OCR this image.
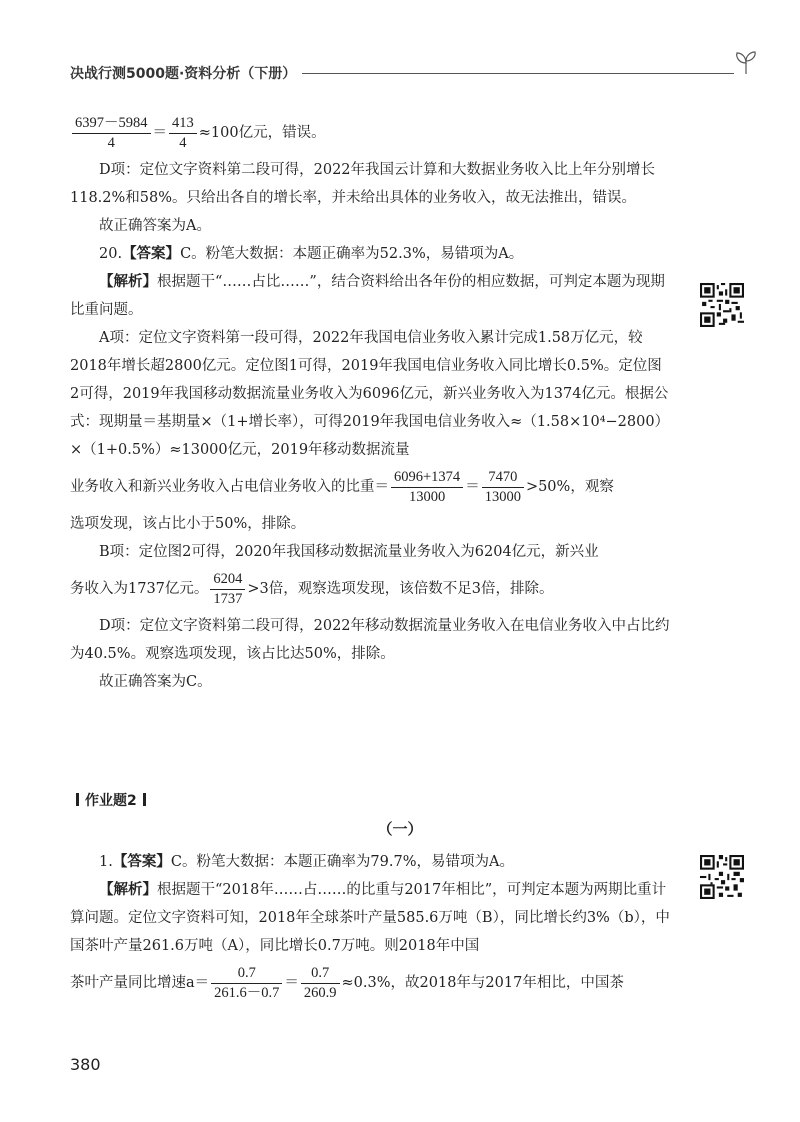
决战行测5000题·资料分析（下册）

$\frac{6397-5984}{4} = \frac{413}{4} \approx 100$亿元，错误。

D项：定位文字资料第二段可得，2022年我国云计算和大数据业务收入比上年分别增长118.2%和58%。只给出各自的增长率，并未给出具体的业务收入，故无法推出，错误。

故正确答案为A。

20.【答案】C。粉笔大数据：本题正确率为52.3%，易错项为A。

【解析】根据题干“……占比……”，结合资料给出各年份的相应数据，可判定本题为现期比重问题。

A项：定位文字资料第一段可得，2022年我国电信业务收入累计完成1.58万亿元，较2018年增长超2800亿元。定位图1可得，2019年我国电信业务收入同比增长0.5%。定位图2可得，2019年我国移动数据流量业务收入为6096亿元，新兴业务收入为1374亿元。根据公式：现期量＝基期量×（1+增长率），可得2019年我国电信业务收入≈（1.58×10⁴−2800）×（1+0.5%）≈13000亿元，2019年移动数据流量

业务收入和新兴业务收入占电信业务收入的比重＝ $\frac{6096+1374}{13000} = \frac{7470}{13000} >50\%$，观察

选项发现，该占比小于50%，排除。

B项：定位图2可得，2020年我国移动数据流量业务收入为6204亿元，新兴业

务收入为1737亿元。 $\frac{6204}{1737} >3$倍，观察选项发现，该倍数不足3倍，排除。

D项：定位文字资料第二段可得，2022年移动数据流量业务收入在电信业务收入中占比约为40.5%。观察选项发现，该占比达50%，排除。

故正确答案为C。

作业题2
（一）

1.【答案】C。粉笔大数据：本题正确率为79.7%，易错项为A。

【解析】根据题干“2018年……占……的比重与2017年相比”，可判定本题为两期比重计算问题。定位文字资料可知，2018年全球茶叶产量585.6万吨（B），同比增长约3%（b），中国茶叶产量261.6万吨（A），同比增长0.7万吨。则2018年中国

茶叶产量同比增速$a= \frac{0.7}{261.6-0.7} = \frac{0.7}{260.9} \approx 0.3\%$，故2018年与2017年相比，中国茶

380
